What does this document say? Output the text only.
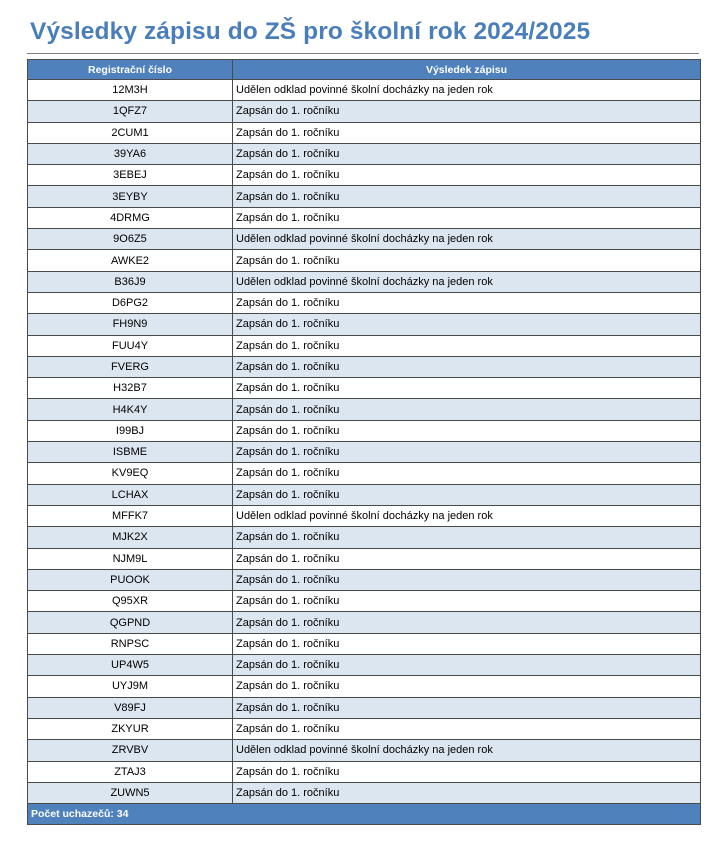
Výsledky zápisu do ZŠ pro školní rok 2024/2025
Registrační číslo	Výsledek zápisu
12M3H	Udělen odklad povinné školní docházky na jeden rok
1QFZ7	Zapsán do 1. ročníku
2CUM1	Zapsán do 1. ročníku
39YA6	Zapsán do 1. ročníku
3EBEJ	Zapsán do 1. ročníku
3EYBY	Zapsán do 1. ročníku
4DRMG	Zapsán do 1. ročníku
9O6Z5	Udělen odklad povinné školní docházky na jeden rok
AWKE2	Zapsán do 1. ročníku
B36J9	Udělen odklad povinné školní docházky na jeden rok
D6PG2	Zapsán do 1. ročníku
FH9N9	Zapsán do 1. ročníku
FUU4Y	Zapsán do 1. ročníku
FVERG	Zapsán do 1. ročníku
H32B7	Zapsán do 1. ročníku
H4K4Y	Zapsán do 1. ročníku
I99BJ	Zapsán do 1. ročníku
ISBME	Zapsán do 1. ročníku
KV9EQ	Zapsán do 1. ročníku
LCHAX	Zapsán do 1. ročníku
MFFK7	Udělen odklad povinné školní docházky na jeden rok
MJK2X	Zapsán do 1. ročníku
NJM9L	Zapsán do 1. ročníku
PUOOK	Zapsán do 1. ročníku
Q95XR	Zapsán do 1. ročníku
QGPND	Zapsán do 1. ročníku
RNPSC	Zapsán do 1. ročníku
UP4W5	Zapsán do 1. ročníku
UYJ9M	Zapsán do 1. ročníku
V89FJ	Zapsán do 1. ročníku
ZKYUR	Zapsán do 1. ročníku
ZRVBV	Udělen odklad povinné školní docházky na jeden rok
ZTAJ3	Zapsán do 1. ročníku
ZUWN5	Zapsán do 1. ročníku
Počet uchazečů: 34	
